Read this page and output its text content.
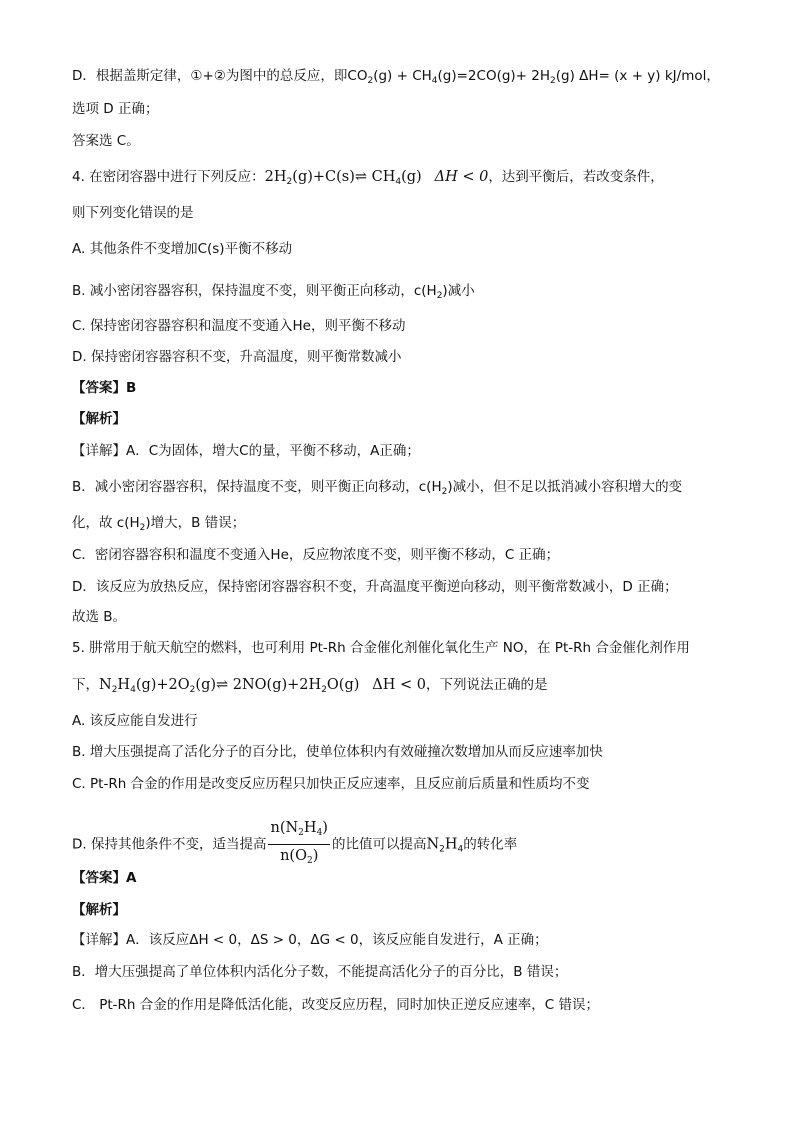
D．根据盖斯定律，①+②为图中的总反应，即$CO_2(g) + CH_4(g)=2CO(g)+ 2H_2(g)$ ΔH= (x + y) kJ/mol，
选项 D 正确；
答案选 C。
4. 在密闭容器中进行下列反应：$2H_2(g)+C(s)\rightleftharpoons$ $CH_4(g) \Delta H < 0$，达到平衡后，若改变条件，
则下列变化错误的是
A. 其他条件不变增加C(s)平衡不移动
B. 减小密闭容器容积，保持温度不变，则平衡正向移动，$c(H_2)$减小
C. 保持密闭容器容积和温度不变通入He，则平衡不移动
D. 保持密闭容器容积不变，升高温度，则平衡常数减小
【答案】B
【解析】
【详解】A．C为固体，增大C的量，平衡不移动，A正确；
B．减小密闭容器容积，保持温度不变，则平衡正向移动，$c(H_2)$减小，但不足以抵消减小容积增大的变
化，故 $c(H_2)$增大，B 错误；
C．密闭容器容积和温度不变通入He，反应物浓度不变，则平衡不移动，C 正确；
D．该反应为放热反应，保持密闭容器容积不变，升高温度平衡逆向移动，则平衡常数减小，D 正确；
故选 B。
5. 肼常用于航天航空的燃料，也可利用 Pt-Rh 合金催化剂催化氧化生产 NO，在 Pt-Rh 合金催化剂作用
下，$N_2H_4(g)+2O_2(g)\rightleftharpoons$ $2NO(g)+2H_2O(g) \Delta H < 0$，下列说法正确的是
A. 该反应能自发进行
B. 增大压强提高了活化分子的百分比，使单位体积内有效碰撞次数增加从而反应速率加快
C. Pt-Rh 合金的作用是改变反应历程只加快正反应速率，且反应前后质量和性质均不变
D. 保持其他条件不变，适当提高 $\frac{n(N_2H_4)}{n(O_2)}$ 的比值可以提高$N_2H_4$的转化率
【答案】A
【解析】
【详解】A．该反应ΔH < 0，ΔS > 0，ΔG < 0，该反应能自发进行，A 正确；
B．增大压强提高了单位体积内活化分子数，不能提高活化分子的百分比，B 错误；
C． Pt-Rh 合金的作用是降低活化能，改变反应历程，同时加快正逆反应速率，C 错误；
